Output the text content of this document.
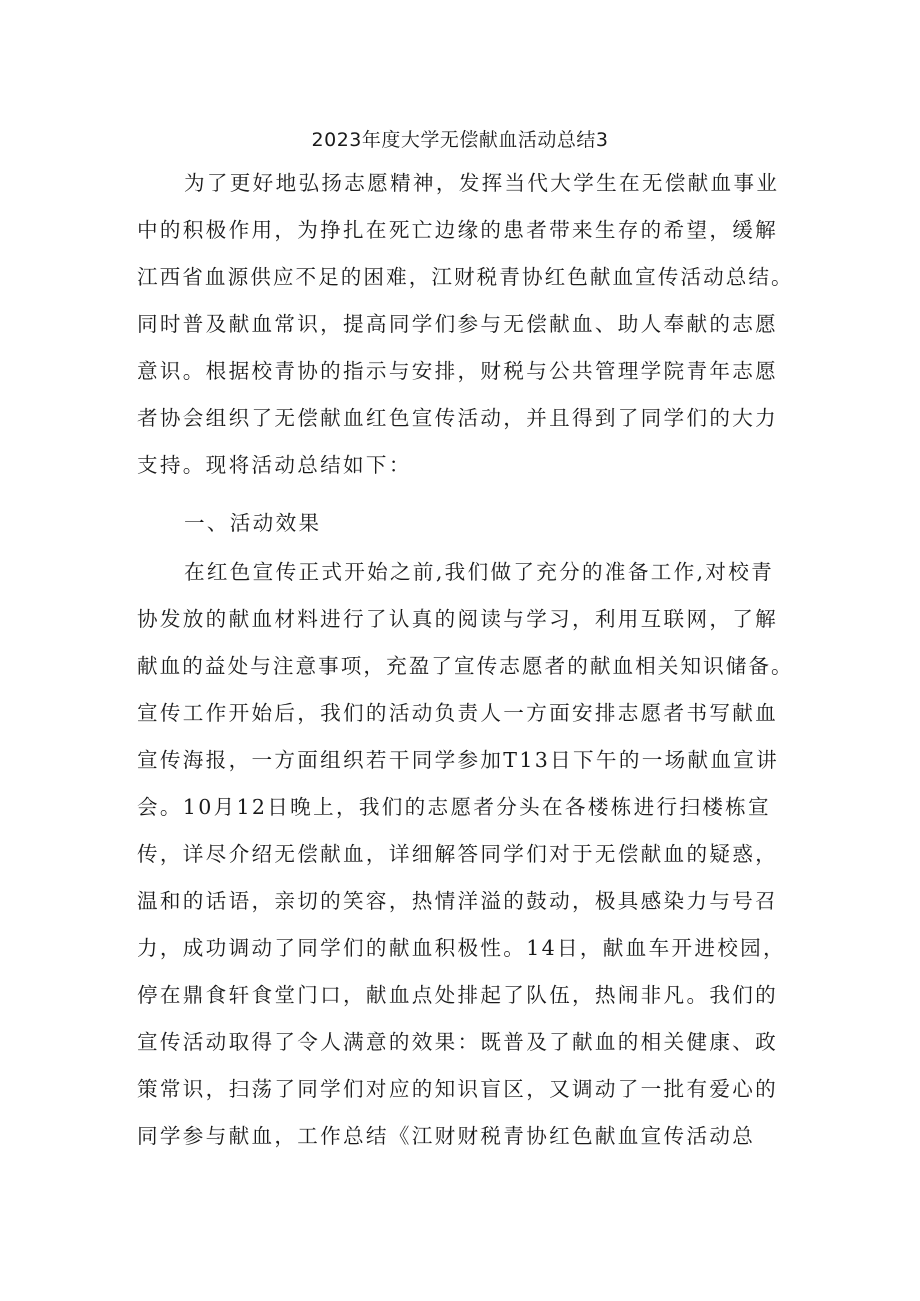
2023年度大学无偿献血活动总结3

为了更好地弘扬志愿精神，发挥当代大学生在无偿献血事业

中的积极作用，为挣扎在死亡边缘的患者带来生存的希望，缓解

江西省血源供应不足的困难，江财税青协红色献血宣传活动总结。

同时普及献血常识，提高同学们参与无偿献血、助人奉献的志愿

意识。根据校青协的指示与安排，财税与公共管理学院青年志愿

者协会组织了无偿献血红色宣传活动，并且得到了同学们的大力

支持。现将活动总结如下：

一、活动效果

在红色宣传正式开始之前,我们做了充分的准备工作,对校青

协发放的献血材料进行了认真的阅读与学习，利用互联网，了解

献血的益处与注意事项，充盈了宣传志愿者的献血相关知识储备。

宣传工作开始后，我们的活动负责人一方面安排志愿者书写献血

宣传海报，一方面组织若干同学参加T13日下午的一场献血宣讲

会。10月12日晚上，我们的志愿者分头在各楼栋进行扫楼栋宣

传，详尽介绍无偿献血，详细解答同学们对于无偿献血的疑惑，

温和的话语，亲切的笑容，热情洋溢的鼓动，极具感染力与号召

力，成功调动了同学们的献血积极性。14日，献血车开进校园，

停在鼎食轩食堂门口，献血点处排起了队伍，热闹非凡。我们的

宣传活动取得了令人满意的效果：既普及了献血的相关健康、政

策常识，扫荡了同学们对应的知识盲区，又调动了一批有爱心的

同学参与献血，工作总结《江财财税青协红色献血宣传活动总
